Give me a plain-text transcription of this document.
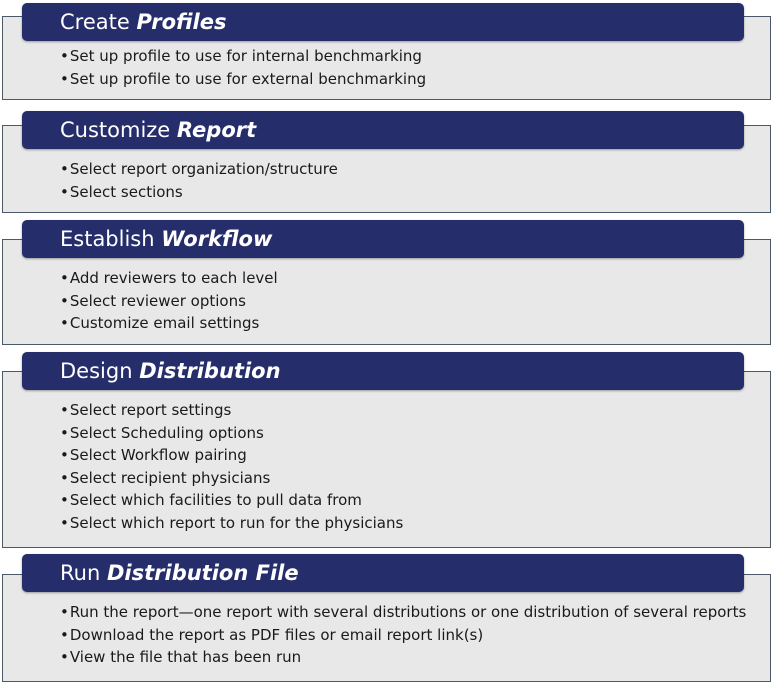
Create Profiles
• Set up profile to use for internal benchmarking
• Set up profile to use for external benchmarking
Customize Report
• Select report organization/structure
• Select sections
Establish Workflow
• Add reviewers to each level
• Select reviewer options
• Customize email settings
Design Distribution
• Select report settings
• Select Scheduling options
• Select Workflow pairing
• Select recipient physicians
• Select which facilities to pull data from
• Select which report to run for the physicians
Run Distribution File
• Run the report—one report with several distributions or one distribution of several reports
• Download the report as PDF files or email report link(s)
• View the file that has been run
